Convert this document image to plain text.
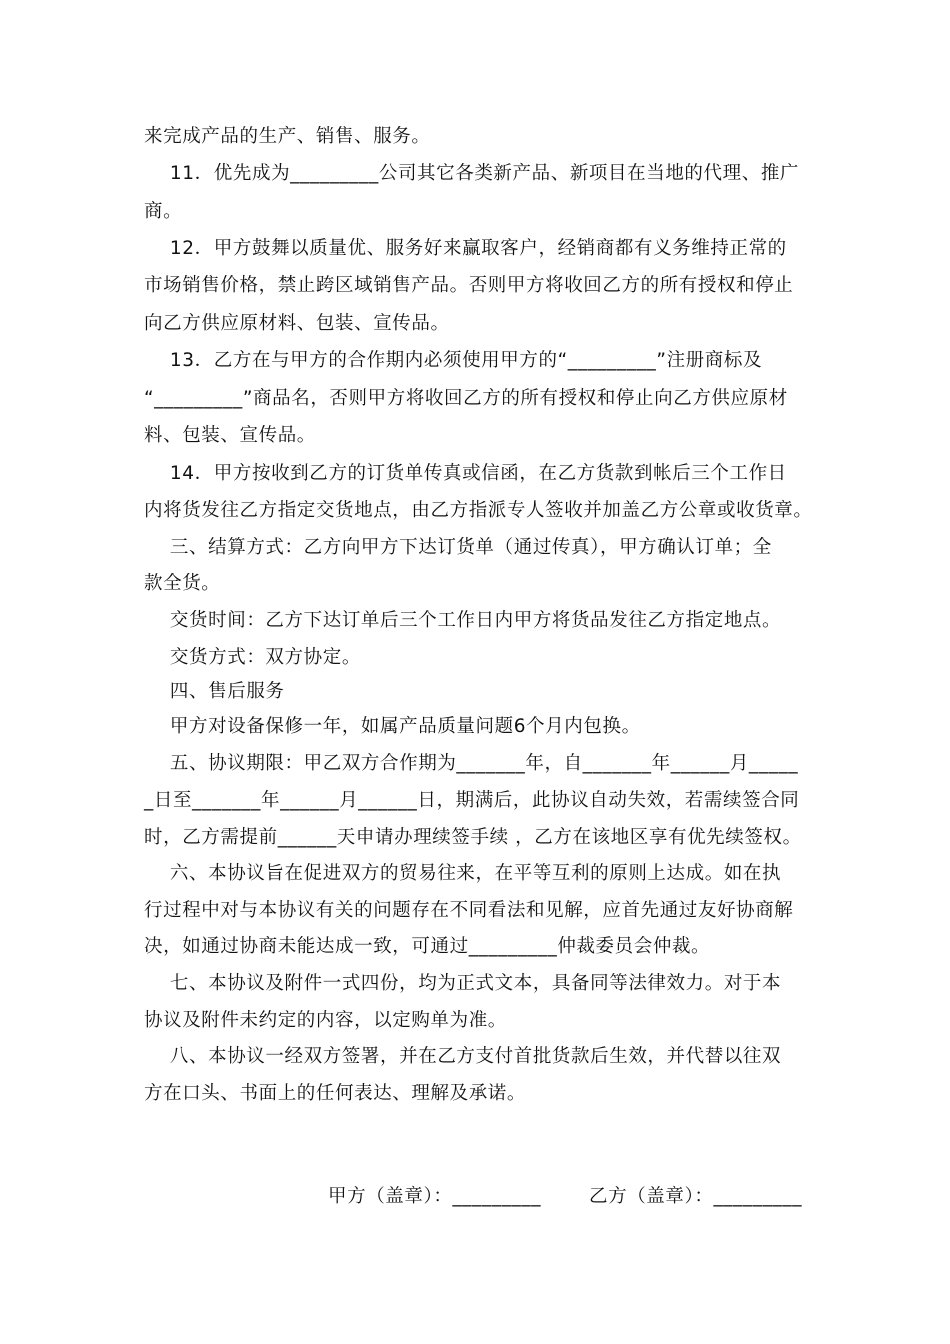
来完成产品的生产、销售、服务。
11．优先成为_________公司其它各类新产品、新项目在当地的代理、推广
商。
12．甲方鼓舞以质量优、服务好来赢取客户，经销商都有义务维持正常的
市场销售价格，禁止跨区域销售产品。否则甲方将收回乙方的所有授权和停止
向乙方供应原材料、包装、宣传品。
13．乙方在与甲方的合作期内必须使用甲方的“_________”注册商标及
“_________”商品名，否则甲方将收回乙方的所有授权和停止向乙方供应原材
料、包装、宣传品。
14．甲方按收到乙方的订货单传真或信函，在乙方货款到帐后三个工作日
内将货发往乙方指定交货地点，由乙方指派专人签收并加盖乙方公章或收货章。
三、结算方式：乙方向甲方下达订货单（通过传真），甲方确认订单；全
款全货。
交货时间：乙方下达订单后三个工作日内甲方将货品发往乙方指定地点。
交货方式：双方协定。
四、售后服务
甲方对设备保修一年，如属产品质量问题6个月内包换。
五、协议期限：甲乙双方合作期为_______年，自_______年______月_____
_日至_______年______月______日，期满后，此协议自动失效，若需续签合同
时，乙方需提前______天申请办理续签手续 ，乙方在该地区享有优先续签权。
六、本协议旨在促进双方的贸易往来，在平等互利的原则上达成。如在执
行过程中对与本协议有关的问题存在不同看法和见解，应首先通过友好协商解
决，如通过协商未能达成一致，可通过_________仲裁委员会仲裁。
七、本协议及附件一式四份，均为正式文本，具备同等法律效力。对于本
协议及附件未约定的内容，以定购单为准。
八、本协议一经双方签署，并在乙方支付首批货款后生效，并代替以往双
方在口头、书面上的任何表达、理解及承诺。
甲方（盖章）：_________	乙方（盖章）：_________
